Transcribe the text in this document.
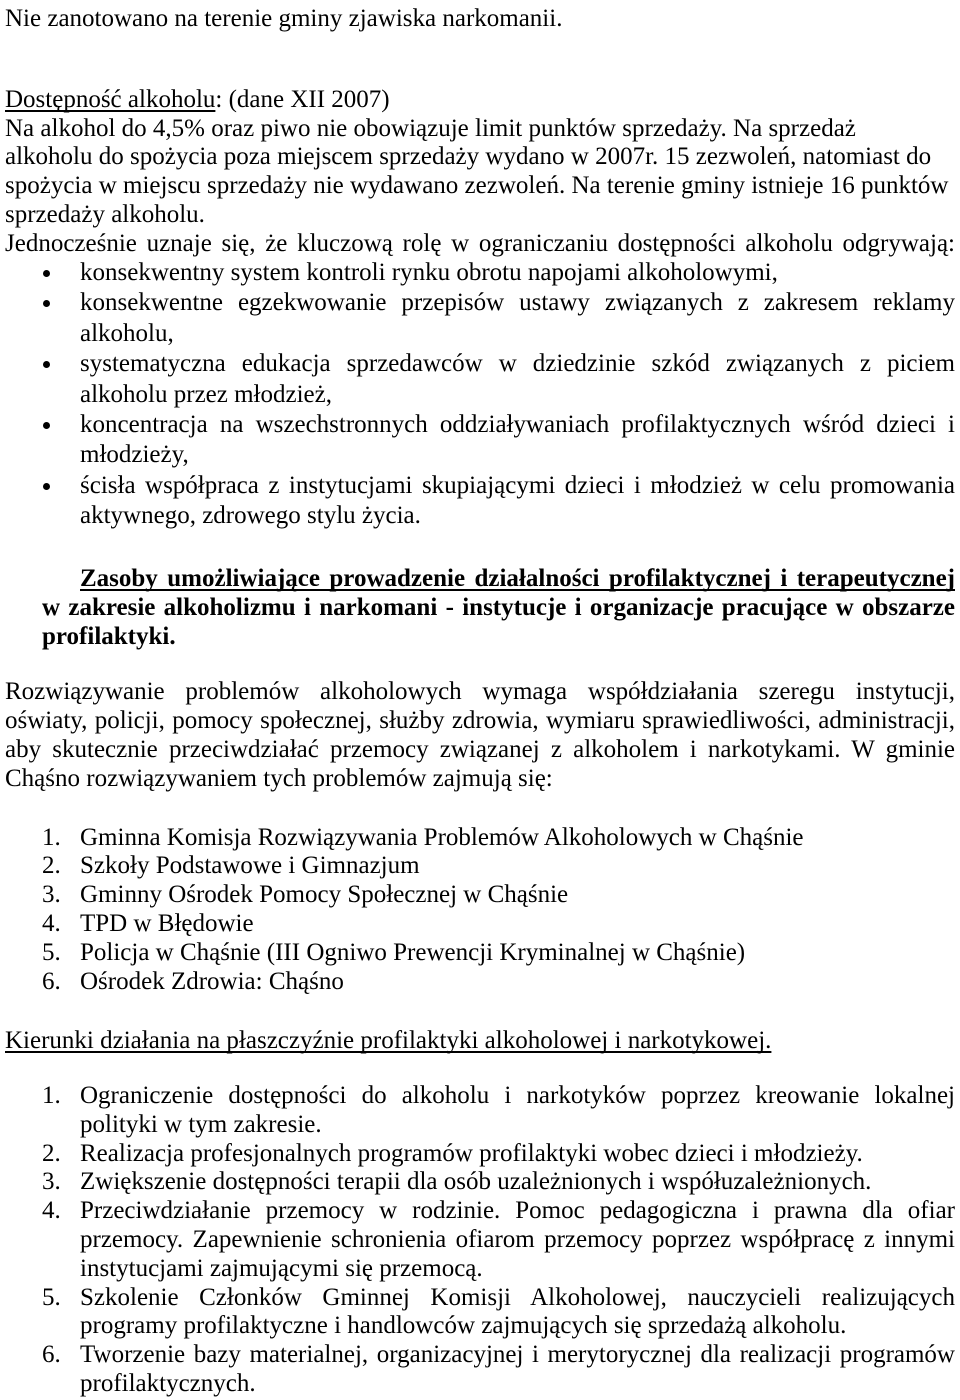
Nie zanotowano na terenie gminy zjawiska narkomanii.
Dostępność alkoholu: (dane XII 2007)
Na alkohol do 4,5% oraz piwo nie obowiązuje limit punktów sprzedaży. Na sprzedaż
alkoholu do spożycia poza miejscem sprzedaży wydano w 2007r. 15 zezwoleń, natomiast do
spożycia w miejscu sprzedaży nie wydawano zezwoleń. Na terenie gminy istnieje 16 punktów
sprzedaży alkoholu.
Jednocześnie uznaje się, że kluczową rolę w ograniczaniu dostępności alkoholu odgrywają:
konsekwentny system kontroli rynku obrotu napojami alkoholowymi,
konsekwentne egzekwowanie przepisów ustawy związanych z zakresem reklamy
alkoholu,
systematyczna edukacja sprzedawców w dziedzinie szkód związanych z piciem
alkoholu przez młodzież,
koncentracja na wszechstronnych oddziaływaniach profilaktycznych wśród dzieci i
młodzieży,
ścisła współpraca z instytucjami skupiającymi dzieci i młodzież w celu promowania
aktywnego, zdrowego stylu życia.
Zasoby umożliwiające prowadzenie działalności profilaktycznej i terapeutycznej
w zakresie alkoholizmu i narkomani - instytucje i organizacje pracujące w obszarze
profilaktyki.
Rozwiązywanie problemów alkoholowych wymaga współdziałania szeregu instytucji,
oświaty, policji, pomocy społecznej, służby zdrowia, wymiaru sprawiedliwości, administracji,
aby skutecznie przeciwdziałać przemocy związanej z alkoholem i narkotykami. W gminie
Chąśno rozwiązywaniem tych problemów zajmują się:
1. Gminna Komisja Rozwiązywania Problemów Alkoholowych w Chąśnie
2. Szkoły Podstawowe i Gimnazjum
3. Gminny Ośrodek Pomocy Społecznej w Chąśnie
4. TPD w Błędowie
5. Policja w Chąśnie (III Ogniwo Prewencji Kryminalnej w Chąśnie)
6. Ośrodek Zdrowia: Chąśno
Kierunki działania na płaszczyźnie profilaktyki alkoholowej i narkotykowej.
1. Ograniczenie dostępności do alkoholu i narkotyków poprzez kreowanie lokalnej
polityki w tym zakresie.
2. Realizacja profesjonalnych programów profilaktyki wobec dzieci i młodzieży.
3. Zwiększenie dostępności terapii dla osób uzależnionych i współuzależnionych.
4. Przeciwdziałanie przemocy w rodzinie. Pomoc pedagogiczna i prawna dla ofiar
przemocy. Zapewnienie schronienia ofiarom przemocy poprzez współpracę z innymi
instytucjami zajmującymi się przemocą.
5. Szkolenie Członków Gminnej Komisji Alkoholowej, nauczycieli realizujących
programy profilaktyczne i handlowców zajmujących się sprzedażą alkoholu.
6. Tworzenie bazy materialnej, organizacyjnej i merytorycznej dla realizacji programów
profilaktycznych.
